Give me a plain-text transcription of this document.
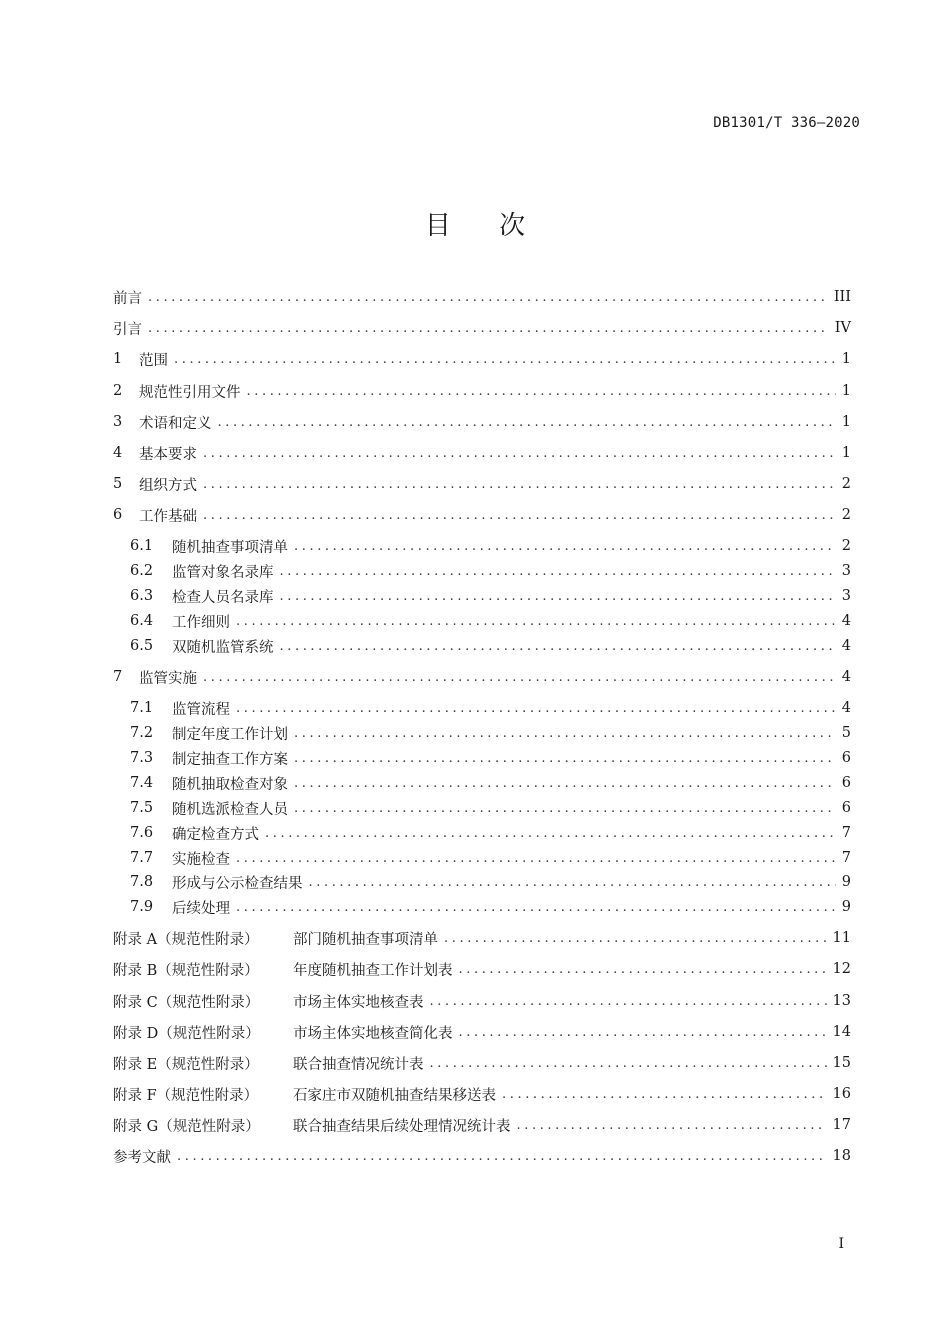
DB1301/T 336—2020
目 次
前言 .....	III
引言 .....	IV
1	范围 .....	1
2	规范性引用文件 .....	1
3	术语和定义 .....	1
4	基本要求 .....	1
5	组织方式 .....	2
6	工作基础 .....	2
6.1	随机抽查事项清单 .....	2
6.2	监管对象名录库 .....	3
6.3	检查人员名录库 .....	3
6.4	工作细则 .....	4
6.5	双随机监管系统 .....	4
7	监管实施 .....	4
7.1	监管流程 .....	4
7.2	制定年度工作计划 .....	5
7.3	制定抽查工作方案 .....	6
7.4	随机抽取检查对象 .....	6
7.5	随机选派检查人员 .....	6
7.6	确定检查方式 .....	7
7.7	实施检查 .....	7
7.8	形成与公示检查结果 .....	9
7.9	后续处理 .....	9
附录 A（规范性附录）	部门随机抽查事项清单 .....	11
附录 B（规范性附录）	年度随机抽查工作计划表 .....	12
附录 C（规范性附录）	市场主体实地核查表 .....	13
附录 D（规范性附录）	市场主体实地核查简化表 .....	14
附录 E（规范性附录）	联合抽查情况统计表 .....	15
附录 F（规范性附录）	石家庄市双随机抽查结果移送表 .....	16
附录 G（规范性附录）	联合抽查结果后续处理情况统计表 .....	17
参考文献 .....	18
I
